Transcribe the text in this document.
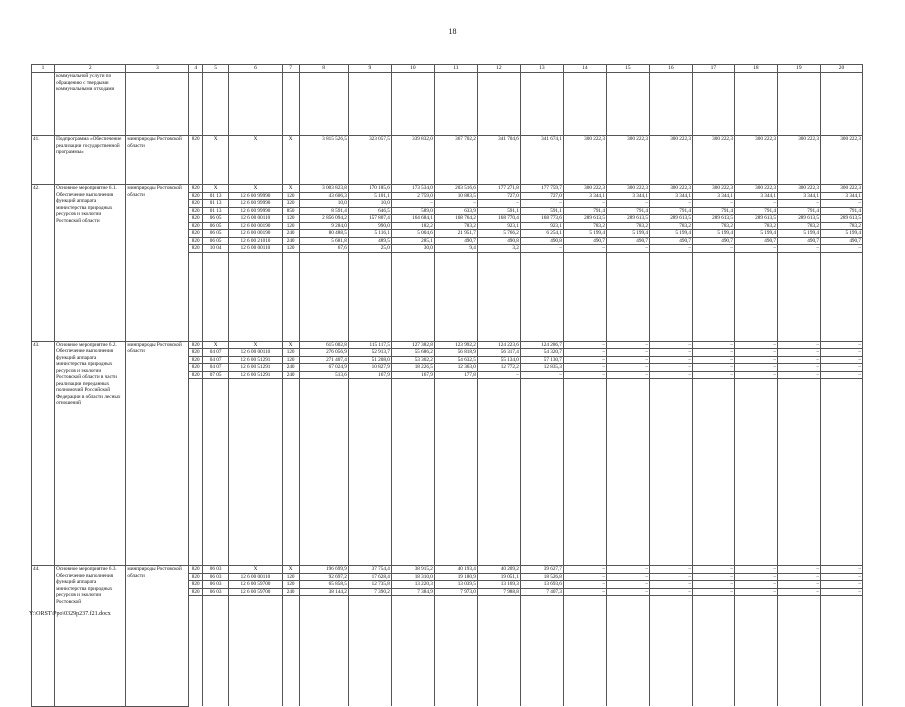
18
1	2	3	4	5	6	7	8	9	10	11	12	13	14	15	16	17	18	19	20
	коммунальной услуги по обращению с твердыми коммунальными отходами																		
41.	Подпрограмма «Обеспечение реализации государственной программы»	минприроды Ростовской области	820	Х	Х	Х	3 815 526,5	323 057,5	339 832,0	367 702,2	341 704,6	341 674,1	300 222,3	300 222,3	300 222,3	300 222,3	300 222,3	300 222,3	300 222,3
42.	Основное мероприятие 6.1. Обеспечение выполнения функций аппарата министерства природных ресурсов и экологии Ростовской области	минприроды Ростовской области	820	Х	Х	Х	3 003 823,8	170 185,6	173 534,0	203 516,6	177 271,8	177 759,7	300 222,3	300 222,3	300 222,3	300 222,3	300 222,3	300 222,3	300 222,3
			820	01 13	12 6 00 99990	120	43 606,3	5 101,1	2 759,0	10 883,5	727,0	727,0	3 344,1	3 344,1	3 344,1	3 344,1	3 344,1	3 344,1	3 344,1
			820	01 13	12 6 00 99990	320	10,0	10,0	–	–	–	–	–	–	–	–	–	–	–
			820	01 13	12 6 00 99990	850	8 591,4	646,5	589,0	633,9	591,1	591,1	791,4	791,4	791,4	791,4	791,4	791,4	791,4
			820	06 05	12 6 00 00110	120	2 856 094,2	157 807,4	164 684,1	168 764,2	168 770,4	168 773,6	289 613,5	289 613,5	289 613,5	289 613,5	289 613,5	289 613,5	289 613,5
			820	06 05	12 6 00 00190	120	9 284,0	990,0	182,2	783,2	923,1	923,1	783,2	783,2	783,2	783,2	783,2	783,2	783,2
			820	06 05	12 6 00 00190	240	80 488,5	5 116,1	5 004,6	21 951,7	5 766,2	6 254,1	5 199,4	5 199,4	5 199,4	5 199,4	5 199,4	5 199,4	5 199,4
			820	06 05	12 6 00 21010	240	5 681,8	489,5	285,1	490,7	490,8	490,8	490,7	490,7	490,7	490,7	490,7	490,7	490,7
			820	10 04	12 6 00 00110	120	67,6	25,0	30,0	9,4	3,2	–	–	–	–	–	–	–	–

43.	Основное мероприятие 6.2. Обеспечение выполнения функций аппарата министерства природных ресурсов и экологии Ростовской области в части реализации переданных полномочий Российской Федерации в области лесных отношений	минприроды Ростовской области	820	Х	Х	Х	615 002,8	115 117,5	127 382,8	123 992,2	124 223,6	124 286,7	–	–	–	–	–	–	–
			820	04 07	12 6 00 00110	120	276 056,9	52 913,7	55 686,2	56 818,9	56 317,4	54 320,7	–	–	–	–	–	–	–
			820	04 07	12 6 00 51291	120	271 407,4	51 208,0	53 302,2	54 632,5	55 134,0	57 130,7	–	–	–	–	–	–	–
			820	04 07	12 6 00 51291	240	67 024,9	10 827,9	18 226,5	12 363,0	12 772,2	12 835,3	–	–	–	–	–	–	–
			820	07 05	12 6 00 51291	240	513,6	167,9	167,9	177,8	–	–	–	–	–	–	–	–	–

44.	Основное мероприятие 6.3. Обеспечение выполнения функций аппарата министерства природных ресурсов и экологии Ростовской	минприроды Ростовской области	820	06 03	Х	Х	196 699,9	37 754,4	38 915,2	40 193,4	40 209,2	39 627,7	–	–	–	–	–	–	–
			820	06 03	12 6 00 00110	120	92 697,2	17 628,4	18 310,0	19 180,9	19 051,1	18 526,8	–	–	–	–	–	–	–
			820	06 03	12 6 00 59700	120	65 858,5	12 735,8	13 220,3	13 039,5	13 169,3	13 693,6	–	–	–	–	–	–	–
			820	06 03	12 6 00 59700	240	38 144,2	7 390,2	7 384,9	7 973,0	7 988,8	7 407,3	–	–	–	–	–	–	–

Y:\ORST\Ppo\0329p237.f21.docx
